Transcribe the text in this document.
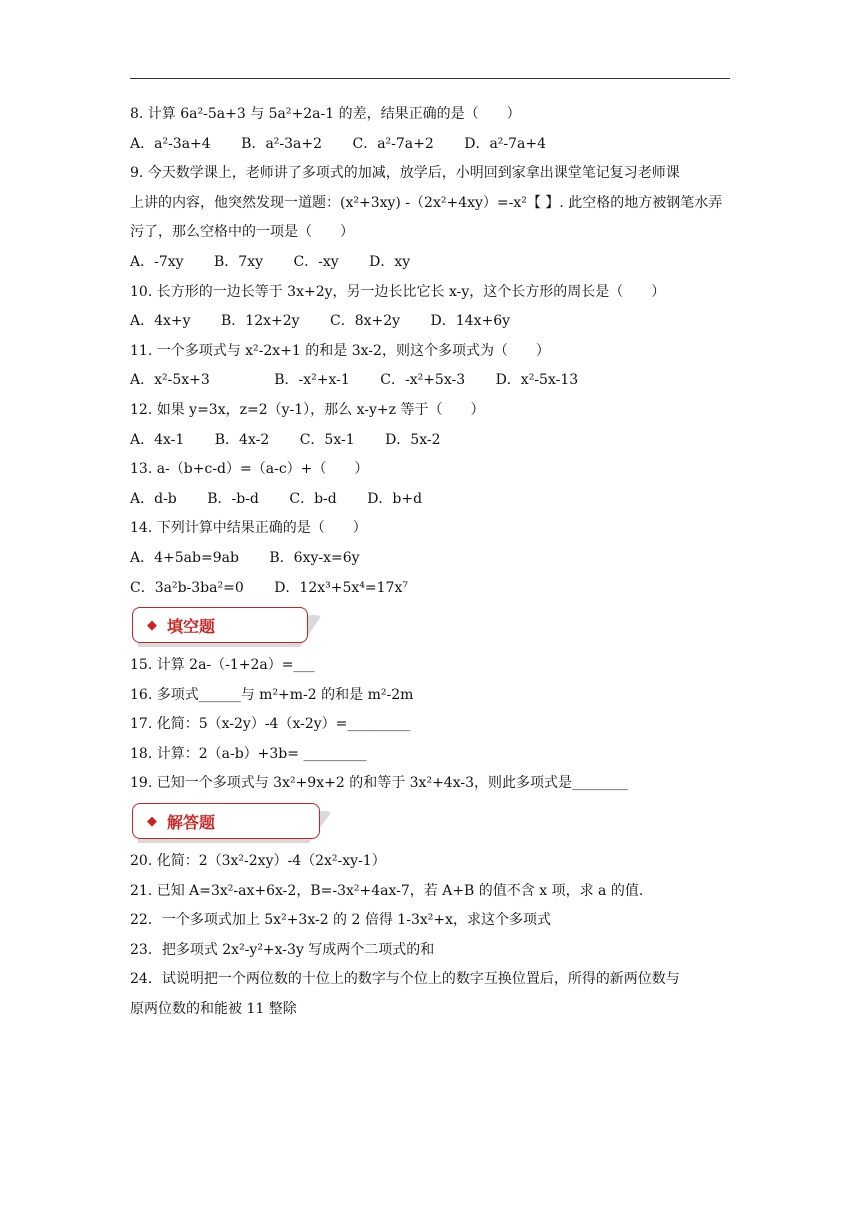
8. 计算 6a²-5a+3 与 5a²+2a-1 的差，结果正确的是（　　）
A．a²-3a+4 B．a²-3a+2 C．a²-7a+2 D．a²-7a+4
9. 今天数学课上，老师讲了多项式的加减，放学后，小明回到家拿出课堂笔记复习老师课
上讲的内容，他突然发现一道题：(x²+3xy) -（2x²+4xy）=-x²【 】. 此空格的地方被钢笔水弄
污了，那么空格中的一项是（　　）
A．-7xy B．7xy C．-xy D．xy
10. 长方形的一边长等于 3x+2y，另一边长比它长 x-y，这个长方形的周长是（　　）
A．4x+y B．12x+2y C．8x+2y D．14x+6y
11. 一个多项式与 x²-2x+1 的和是 3x-2，则这个多项式为（　　）
A．x²-5x+3	B．-x²+x-1 C．-x²+5x-3 D．x²-5x-13
12. 如果 y=3x，z=2（y-1），那么 x-y+z 等于（　　）
A．4x-1 B．4x-2 C．5x-1 D．5x-2
13. a-（b+c-d）=（a-c）+（　　）
A．d-b B．-b-d C．b-d D．b+d
14. 下列计算中结果正确的是（　　）
A．4+5ab=9ab B．6xy-x=6y
C．3a²b-3ba²=0 D．12x³+5x⁴=17x⁷
◆ 填空题
15. 计算 2a-（-1+2a）=___
16. 多项式______与 m²+m-2 的和是 m²-2m
17. 化简：5（x-2y）-4（x-2y）=_________
18. 计算：2（a-b）+3b= _________
19. 已知一个多项式与 3x²+9x+2 的和等于 3x²+4x-3，则此多项式是________
◆ 解答题
20. 化简：2（3x²-2xy）-4（2x²-xy-1）
21. 已知 A=3x²-ax+6x-2，B=-3x²+4ax-7，若 A+B 的值不含 x 项，求 a 的值.
22．一个多项式加上 5x²+3x-2 的 2 倍得 1-3x²+x，求这个多项式
23．把多项式 2x²-y²+x-3y 写成两个二项式的和
24．试说明把一个两位数的十位上的数字与个位上的数字互换位置后，所得的新两位数与
原两位数的和能被 11 整除
